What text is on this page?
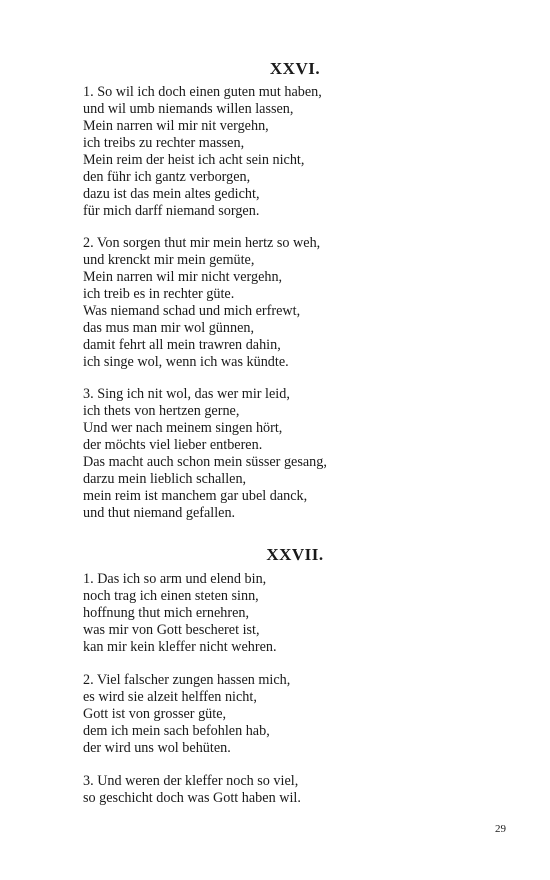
XXVI.
1. So wil ich doch einen guten mut haben,
und wil umb niemands willen lassen,
Mein narren wil mir nit vergehn,
ich treibs zu rechter massen,
Mein reim der heist ich acht sein nicht,
den führ ich gantz verborgen,
dazu ist das mein altes gedicht,
für mich darff niemand sorgen.
2. Von sorgen thut mir mein hertz so weh,
und krenckt mir mein gemüte,
Mein narren wil mir nicht vergehn,
ich treib es in rechter güte.
Was niemand schad und mich erfrewt,
das mus man mir wol günnen,
damit fehrt all mein trawren dahin,
ich singe wol, wenn ich was kündte.
3. Sing ich nit wol, das wer mir leid,
ich thets von hertzen gerne,
Und wer nach meinem singen hört,
der möchts viel lieber entberen.
Das macht auch schon mein süsser gesang,
darzu mein lieblich schallen,
mein reim ist manchem gar ubel danck,
und thut niemand gefallen.
XXVII.
1. Das ich so arm und elend bin,
noch trag ich einen steten sinn,
hoffnung thut mich ernehren,
was mir von Gott bescheret ist,
kan mir kein kleffer nicht wehren.
2. Viel falscher zungen hassen mich,
es wird sie alzeit helffen nicht,
Gott ist von grosser güte,
dem ich mein sach befohlen hab,
der wird uns wol behüten.
3. Und weren der kleffer noch so viel,
so geschicht doch was Gott haben wil.
29
